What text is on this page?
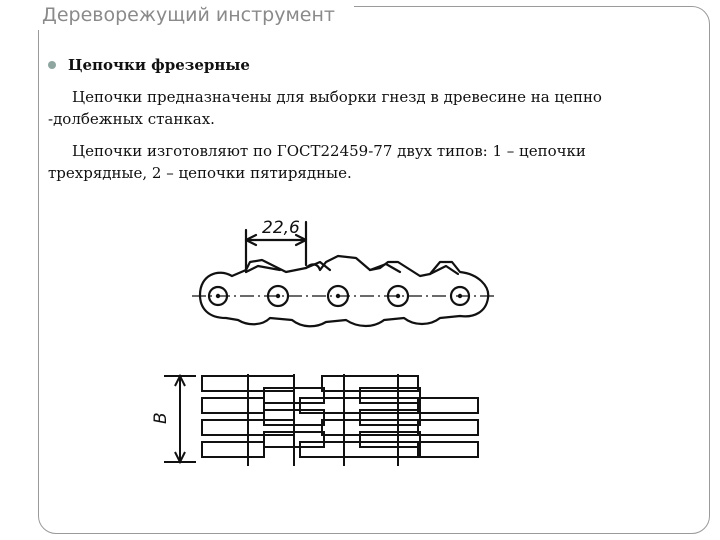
Дереворежущий инструмент
Цепочки фрезерные

Цепочки предназначены для выборки гнезд в древесине на цепно -долбежных станках.

Цепочки изготовляют по ГОСТ22459-77 двух типов: 1 – цепочки трехрядные, 2 – цепочки пятирядные.

22,6
В
